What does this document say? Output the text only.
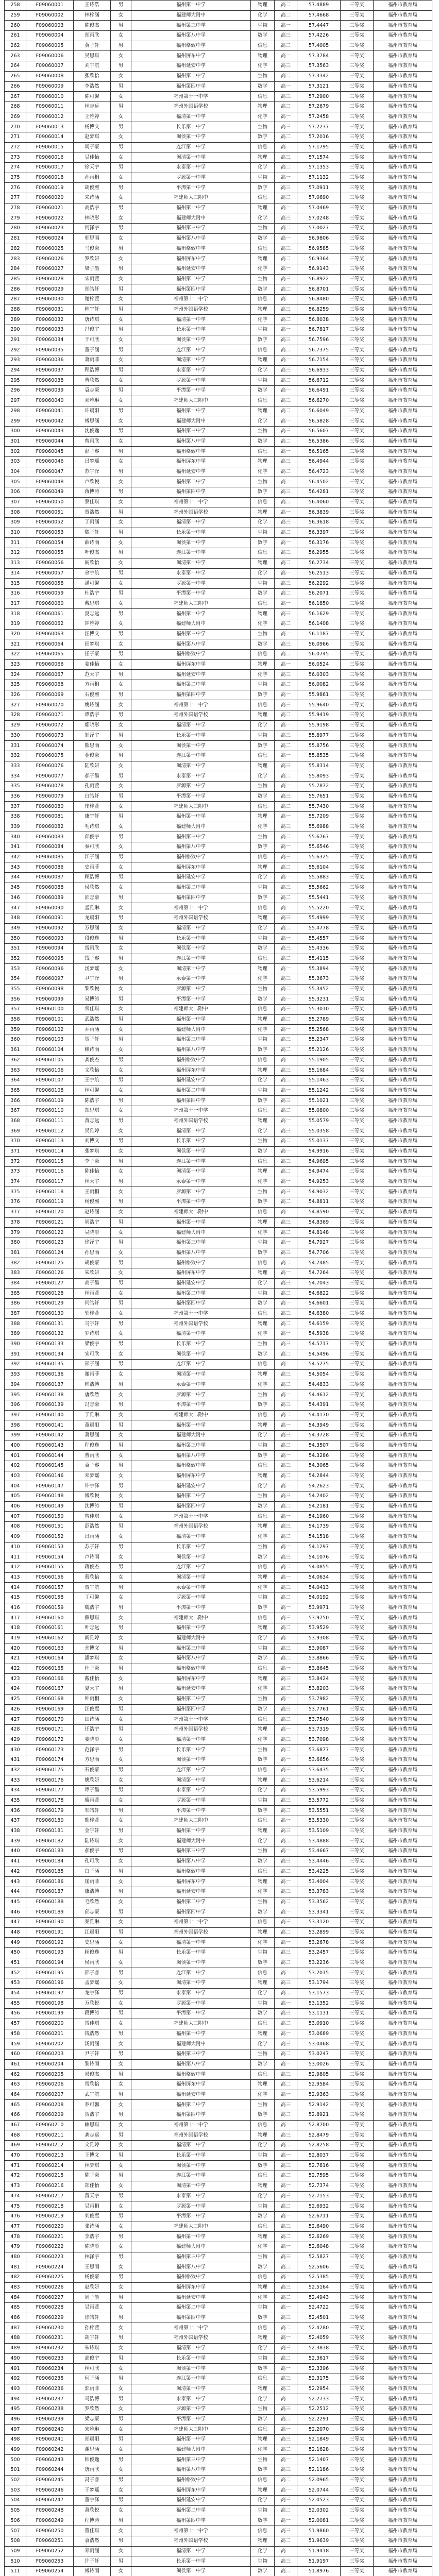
258	F09060001	王诗浩	男	福州第一中学	物理	高二	57.4889	三等奖	福州市教育局
259	F09060002	林梓涵	女	福建师大附中	化学	高二	57.4668	三等奖	福州市教育局
260	F09060003	陈俊杰	男	福州第三中学	生物	高一	57.4447	三等奖	福州市教育局
261	F09060004	郑雨欣	女	福州第八中学	数学	高三	57.4226	三等奖	福州市教育局
262	F09060005	黄子轩	男	福州格致中学	信息	高二	57.4005	三等奖	福州市教育局
263	F09060006	吴思琪	女	福州屏东中学	物理	高一	57.3784	三等奖	福州市教育局
264	F09060007	刘宇航	男	福州延安中学	化学	高三	57.3563	三等奖	福州市教育局
265	F09060008	张欣怡	女	福州第二中学	生物	高二	57.3342	三等奖	福州市教育局
266	F09060009	李浩然	男	福州第四中学	数学	高一	57.3121	三等奖	福州市教育局
267	F09060010	陈可馨	女	福州第十一中学	信息	高三	57.2900	三等奖	福州市教育局
268	F09060011	林志远	男	福州外国语学校	物理	高二	57.2679	三等奖	福州市教育局
269	F09060012	王雅婷	女	福清第一中学	化学	高一	57.2458	三等奖	福州市教育局
270	F09060013	杨博文	男	长乐第一中学	生物	高三	57.2237	三等奖	福州市教育局
271	F09060014	赵梦琪	女	闽侯第一中学	数学	高二	57.2016	三等奖	福州市教育局
272	F09060015	周子豪	男	连江第一中学	信息	高一	57.1795	三等奖	福州市教育局
273	F09060016	吴佳怡	女	闽清第一中学	物理	高三	57.1574	三等奖	福州市教育局
274	F09060017	徐天宇	男	永泰第一中学	化学	高二	57.1353	三等奖	福州市教育局
275	F09060018	孙雨桐	女	罗源第一中学	生物	高一	57.1132	三等奖	福州市教育局
276	F09060019	胡俊熙	男	平潭第一中学	数学	高三	57.0911	三等奖	福州市教育局
277	F09060020	朱诗涵	女	福建师大二附中	信息	高二	57.0690	三等奖	福州市教育局
278	F09060021	高浩宇	男	福州第一中学	物理	高一	57.0469	三等奖	福州市教育局
279	F09060022	林晓彤	女	福建师大附中	化学	高三	57.0248	三等奖	福州市教育局
280	F09060023	何泽宇	男	福州第三中学	生物	高二	57.0027	三等奖	福州市教育局
281	F09060024	郭思雨	女	福州第八中学	数学	高一	56.9806	三等奖	福州市教育局
282	F09060025	马俊豪	男	福州格致中学	信息	高三	56.9585	三等奖	福州市教育局
283	F09060026	罗欣妍	女	福州屏东中学	物理	高二	56.9364	三等奖	福州市教育局
284	F09060027	梁子墨	男	福州延安中学	化学	高一	56.9143	三等奖	福州市教育局
285	F09060028	宋雨萱	女	福州第二中学	生物	高三	56.8922	三等奖	福州市教育局
286	F09060029	郑皓轩	男	福州第四中学	数学	高二	56.8701	三等奖	福州市教育局
287	F09060030	谢梓萱	女	福州第十一中学	信息	高一	56.8480	三等奖	福州市教育局
288	F09060031	韩宇轩	男	福州外国语学校	物理	高三	56.8259	三等奖	福州市教育局
289	F09060032	唐诗琪	女	福清第一中学	化学	高二	56.8038	三等奖	福州市教育局
290	F09060033	冯俊宇	男	长乐第一中学	生物	高一	56.7817	三等奖	福州市教育局
291	F09060034	于可欣	女	闽侯第一中学	数学	高三	56.7596	三等奖	福州市教育局
292	F09060035	董子涵	男	连江第一中学	信息	高二	56.7375	三等奖	福州市教育局
293	F09060036	萧雨菲	女	闽清第一中学	物理	高一	56.7154	三等奖	福州市教育局
294	F09060037	程浩博	男	永泰第一中学	化学	高三	56.6933	三等奖	福州市教育局
295	F09060038	曹欣然	女	罗源第一中学	生物	高二	56.6712	三等奖	福州市教育局
296	F09060039	袁志豪	男	平潭第一中学	数学	高一	56.6491	三等奖	福州市教育局
297	F09060040	邓雅琳	女	福建师大二附中	信息	高三	56.6270	三等奖	福州市教育局
298	F09060041	许晨阳	男	福州第一中学	物理	高二	56.6049	三等奖	福州市教育局
299	F09060042	傅思涵	女	福建师大附中	化学	高一	56.5828	三等奖	福州市教育局
300	F09060043	沈俊逸	男	福州第三中学	生物	高三	56.5607	三等奖	福州市教育局
301	F09060044	曾雨欣	女	福州第八中学	数学	高二	56.5386	三等奖	福州市教育局
302	F09060045	彭子睿	男	福州格致中学	信息	高一	56.5165	三等奖	福州市教育局
303	F09060046	吕梦瑶	女	福州屏东中学	物理	高三	56.4944	三等奖	福州市教育局
304	F09060047	苏宇泽	男	福州延安中学	化学	高二	56.4723	三等奖	福州市教育局
305	F09060048	卢欣悦	女	福州第二中学	生物	高一	56.4502	三等奖	福州市教育局
306	F09060049	蒋博涛	男	福州第四中学	数学	高三	56.4281	三等奖	福州市教育局
307	F09060050	蔡佳琪	女	福州第十一中学	信息	高二	56.4060	三等奖	福州市教育局
308	F09060051	贾浩然	男	福州外国语学校	物理	高一	56.3839	三等奖	福州市教育局
309	F09060052	丁雨涵	女	福清第一中学	化学	高三	56.3618	三等奖	福州市教育局
310	F09060053	魏子轩	男	长乐第一中学	生物	高二	56.3397	三等奖	福州市教育局
311	F09060054	薛诗雨	女	闽侯第一中学	数学	高一	56.3176	三等奖	福州市教育局
312	F09060055	叶俊杰	男	连江第一中学	信息	高三	56.2955	三等奖	福州市教育局
313	F09060056	阎欣怡	女	闽清第一中学	物理	高二	56.2734	三等奖	福州市教育局
314	F09060057	余宇航	男	永泰第一中学	化学	高一	56.2513	三等奖	福州市教育局
315	F09060058	潘可馨	女	罗源第一中学	生物	高三	56.2292	三等奖	福州市教育局
316	F09060059	杜浩宇	男	平潭第一中学	数学	高二	56.2071	三等奖	福州市教育局
317	F09060060	戴思琪	女	福建师大二附中	信息	高一	56.1850	三等奖	福州市教育局
318	F09060061	夏志远	男	福州第一中学	物理	高三	56.1629	三等奖	福州市教育局
319	F09060062	钟雅婷	女	福建师大附中	化学	高二	56.1408	三等奖	福州市教育局
320	F09060063	汪博文	男	福州第三中学	生物	高一	56.1187	三等奖	福州市教育局
321	F09060064	田梦琪	女	福州第八中学	数学	高三	56.0966	三等奖	福州市教育局
322	F09060065	任子豪	男	福州格致中学	信息	高二	56.0745	三等奖	福州市教育局
323	F09060066	姜佳怡	女	福州屏东中学	物理	高一	56.0524	三等奖	福州市教育局
324	F09060067	范天宇	男	福州延安中学	化学	高三	56.0303	三等奖	福州市教育局
325	F09060068	方雨桐	女	福州第二中学	生物	高二	56.0082	三等奖	福州市教育局
326	F09060069	石俊熙	男	福州第四中学	数学	高一	55.9861	三等奖	福州市教育局
327	F09060070	姚诗涵	女	福州第十一中学	信息	高三	55.9640	三等奖	福州市教育局
328	F09060071	谭浩宇	男	福州外国语学校	物理	高二	55.9419	三等奖	福州市教育局
329	F09060072	廖晓彤	女	福清第一中学	化学	高一	55.9198	三等奖	福州市教育局
330	F09060073	邹泽宇	男	长乐第一中学	生物	高三	55.8977	三等奖	福州市教育局
331	F09060074	熊思雨	女	闽侯第一中学	数学	高二	55.8756	三等奖	福州市教育局
332	F09060075	金俊豪	男	连江第一中学	信息	高一	55.8535	三等奖	福州市教育局
333	F09060076	陆欣妍	女	闽清第一中学	物理	高三	55.8314	三等奖	福州市教育局
334	F09060077	郝子墨	男	永泰第一中学	化学	高二	55.8093	三等奖	福州市教育局
335	F09060078	孔雨萱	女	罗源第一中学	生物	高一	55.7872	三等奖	福州市教育局
336	F09060079	白皓轩	男	平潭第一中学	数学	高三	55.7651	三等奖	福州市教育局
337	F09060080	崔梓萱	女	福建师大二附中	信息	高二	55.7430	三等奖	福州市教育局
338	F09060081	康宇轩	男	福州第一中学	物理	高一	55.7209	三等奖	福州市教育局
339	F09060082	毛诗琪	女	福建师大附中	化学	高三	55.6988	三等奖	福州市教育局
340	F09060083	邱俊宇	男	福州第三中学	生物	高二	55.6767	三等奖	福州市教育局
341	F09060084	秦可欣	女	福州第八中学	数学	高一	55.6546	三等奖	福州市教育局
342	F09060085	江子涵	男	福州格致中学	信息	高三	55.6325	三等奖	福州市教育局
343	F09060086	史雨菲	女	福州屏东中学	物理	高二	55.6104	三等奖	福州市教育局
344	F09060087	顾浩博	男	福州延安中学	化学	高一	55.5883	三等奖	福州市教育局
345	F09060088	侯欣然	女	福州第二中学	生物	高三	55.5662	三等奖	福州市教育局
346	F09060089	邵志豪	男	福州第四中学	数学	高二	55.5441	三等奖	福州市教育局
347	F09060090	孟雅琳	女	福州第十一中学	信息	高一	55.5220	三等奖	福州市教育局
348	F09060091	龙晨阳	男	福州外国语学校	物理	高三	55.4999	三等奖	福州市教育局
349	F09060092	万思涵	女	福清第一中学	化学	高二	55.4778	三等奖	福州市教育局
350	F09060093	段俊逸	男	长乐第一中学	生物	高一	55.4557	三等奖	福州市教育局
351	F09060094	雷雨欣	女	闽侯第一中学	数学	高三	55.4336	三等奖	福州市教育局
352	F09060095	钱子睿	男	连江第一中学	信息	高二	55.4115	三等奖	福州市教育局
353	F09060096	汤梦瑶	女	闽清第一中学	物理	高一	55.3894	三等奖	福州市教育局
354	F09060097	尹宇泽	男	永泰第一中学	化学	高三	55.3673	三等奖	福州市教育局
355	F09060098	黎欣悦	女	罗源第一中学	生物	高二	55.3452	三等奖	福州市教育局
356	F09060099	易博涛	男	平潭第一中学	数学	高一	55.3231	三等奖	福州市教育局
357	F09060100	常佳琪	女	福建师大二附中	信息	高三	55.3010	三等奖	福州市教育局
358	F09060101	武浩然	男	福州第一中学	物理	高二	55.2789	三等奖	福州市教育局
359	F09060102	乔雨涵	女	福建师大附中	化学	高一	55.2568	三等奖	福州市教育局
360	F09060103	贺子轩	男	福州第三中学	生物	高三	55.2347	三等奖	福州市教育局
361	F09060104	赖诗雨	女	福州第八中学	数学	高二	55.2126	三等奖	福州市教育局
362	F09060105	龚俊杰	男	福州格致中学	信息	高一	55.1905	三等奖	福州市教育局
363	F09060106	文欣怡	女	福州屏东中学	物理	高三	55.1684	三等奖	福州市教育局
364	F09060107	王宇航	男	福州延安中学	化学	高二	55.1463	三等奖	福州市教育局
365	F09060108	林可馨	女	福州第二中学	生物	高一	55.1242	三等奖	福州市教育局
366	F09060109	陈浩宇	男	福州第四中学	数学	高三	55.1021	三等奖	福州市教育局
367	F09060110	郑思琪	女	福州第十一中学	信息	高二	55.0800	三等奖	福州市教育局
368	F09060111	黄志远	男	福州外国语学校	物理	高一	55.0579	三等奖	福州市教育局
369	F09060112	吴雅婷	女	福清第一中学	化学	高三	55.0358	三等奖	福州市教育局
370	F09060113	刘博文	男	长乐第一中学	生物	高二	55.0137	三等奖	福州市教育局
371	F09060114	张梦琪	女	闽侯第一中学	数学	高一	54.9916	三等奖	福州市教育局
372	F09060115	李子豪	男	连江第一中学	信息	高三	54.9695	三等奖	福州市教育局
373	F09060116	陈佳怡	女	闽清第一中学	物理	高二	54.9474	三等奖	福州市教育局
374	F09060117	林天宇	男	永泰第一中学	化学	高一	54.9253	三等奖	福州市教育局
375	F09060118	王雨桐	女	罗源第一中学	生物	高三	54.9032	三等奖	福州市教育局
376	F09060119	杨俊熙	男	平潭第一中学	数学	高二	54.8811	三等奖	福州市教育局
377	F09060120	赵诗涵	女	福建师大二附中	信息	高一	54.8590	三等奖	福州市教育局
378	F09060121	周浩宇	男	福州第一中学	物理	高三	54.8369	三等奖	福州市教育局
379	F09060122	吴晓彤	女	福建师大附中	化学	高二	54.8148	三等奖	福州市教育局
380	F09060123	徐泽宇	男	福州第三中学	生物	高一	54.7927	三等奖	福州市教育局
381	F09060124	孙思雨	女	福州第八中学	数学	高三	54.7706	三等奖	福州市教育局
382	F09060125	胡俊豪	男	福州格致中学	信息	高二	54.7485	三等奖	福州市教育局
383	F09060126	朱欣妍	女	福州屏东中学	物理	高一	54.7264	三等奖	福州市教育局
384	F09060127	高子墨	男	福州延安中学	化学	高三	54.7043	三等奖	福州市教育局
385	F09060128	林雨萱	女	福州第二中学	生物	高二	54.6822	三等奖	福州市教育局
386	F09060129	何皓轩	男	福州第四中学	数学	高一	54.6601	三等奖	福州市教育局
387	F09060130	郭梓萱	女	福州第十一中学	信息	高三	54.6380	三等奖	福州市教育局
388	F09060131	马宇轩	男	福州外国语学校	物理	高二	54.6159	三等奖	福州市教育局
389	F09060132	罗诗琪	女	福清第一中学	化学	高一	54.5938	三等奖	福州市教育局
390	F09060133	梁俊宇	男	长乐第一中学	生物	高三	54.5717	三等奖	福州市教育局
391	F09060134	宋可欣	女	闽侯第一中学	数学	高二	54.5496	三等奖	福州市教育局
392	F09060135	郑子涵	男	连江第一中学	信息	高一	54.5275	三等奖	福州市教育局
393	F09060136	谢雨菲	女	闽清第一中学	物理	高三	54.5054	三等奖	福州市教育局
394	F09060137	韩浩博	男	永泰第一中学	化学	高二	54.4833	三等奖	福州市教育局
395	F09060138	唐欣然	女	罗源第一中学	生物	高一	54.4612	三等奖	福州市教育局
396	F09060139	冯志豪	男	平潭第一中学	数学	高三	54.4391	三等奖	福州市教育局
397	F09060140	于雅琳	女	福建师大二附中	信息	高二	54.4170	三等奖	福州市教育局
398	F09060141	董晨阳	男	福州第一中学	物理	高一	54.3949	三等奖	福州市教育局
399	F09060142	萧思涵	女	福建师大附中	化学	高三	54.3728	三等奖	福州市教育局
400	F09060143	程俊逸	男	福州第三中学	生物	高二	54.3507	三等奖	福州市教育局
401	F09060144	曹雨欣	女	福州第八中学	数学	高一	54.3286	三等奖	福州市教育局
402	F09060145	袁子睿	男	福州格致中学	信息	高三	54.3065	三等奖	福州市教育局
403	F09060146	邓梦瑶	女	福州屏东中学	物理	高二	54.2844	三等奖	福州市教育局
404	F09060147	许宇泽	男	福州延安中学	化学	高一	54.2623	三等奖	福州市教育局
405	F09060148	傅欣悦	女	福州第二中学	生物	高三	54.2402	三等奖	福州市教育局
406	F09060149	沈博涛	男	福州第四中学	数学	高二	54.2181	三等奖	福州市教育局
407	F09060150	曾佳琪	女	福州第十一中学	信息	高一	54.1960	三等奖	福州市教育局
408	F09060151	彭浩然	男	福州外国语学校	物理	高三	54.1739	三等奖	福州市教育局
409	F09060152	吕雨涵	女	福清第一中学	化学	高二	54.1518	三等奖	福州市教育局
410	F09060153	苏子轩	男	长乐第一中学	生物	高一	54.1297	三等奖	福州市教育局
411	F09060154	卢诗雨	女	闽侯第一中学	数学	高三	54.1076	三等奖	福州市教育局
412	F09060155	蒋俊杰	男	连江第一中学	信息	高二	54.0855	三等奖	福州市教育局
413	F09060156	蔡欣怡	女	闽清第一中学	物理	高一	54.0634	三等奖	福州市教育局
414	F09060157	贾宇航	男	永泰第一中学	化学	高三	54.0413	三等奖	福州市教育局
415	F09060158	丁可馨	女	罗源第一中学	生物	高二	54.0192	三等奖	福州市教育局
416	F09060159	魏浩宇	男	平潭第一中学	数学	高一	53.9971	三等奖	福州市教育局
417	F09060160	薛思琪	女	福建师大二附中	信息	高三	53.9750	三等奖	福州市教育局
418	F09060161	叶志远	男	福州第一中学	物理	高二	53.9529	三等奖	福州市教育局
419	F09060162	阎雅婷	女	福建师大附中	化学	高一	53.9308	三等奖	福州市教育局
420	F09060163	余博文	男	福州第三中学	生物	高三	53.9087	三等奖	福州市教育局
421	F09060164	潘梦琪	女	福州第八中学	数学	高二	53.8866	三等奖	福州市教育局
422	F09060165	杜子豪	男	福州格致中学	信息	高一	53.8645	三等奖	福州市教育局
423	F09060166	戴佳怡	女	福州屏东中学	物理	高三	53.8424	三等奖	福州市教育局
424	F09060167	夏天宇	男	福州延安中学	化学	高二	53.8203	三等奖	福州市教育局
425	F09060168	钟雨桐	女	福州第二中学	生物	高一	53.7982	三等奖	福州市教育局
426	F09060169	汪俊熙	男	福州第四中学	数学	高三	53.7761	三等奖	福州市教育局
427	F09060170	田诗涵	女	福州第十一中学	信息	高二	53.7540	三等奖	福州市教育局
428	F09060171	任浩宇	男	福州外国语学校	物理	高一	53.7319	三等奖	福州市教育局
429	F09060172	姜晓彤	女	福清第一中学	化学	高三	53.7098	三等奖	福州市教育局
430	F09060173	范泽宇	男	长乐第一中学	生物	高二	53.6877	三等奖	福州市教育局
431	F09060174	方思雨	女	闽侯第一中学	数学	高一	53.6656	三等奖	福州市教育局
432	F09060175	石俊豪	男	连江第一中学	信息	高三	53.6435	三等奖	福州市教育局
433	F09060176	姚欣妍	女	闽清第一中学	物理	高二	53.6214	三等奖	福州市教育局
434	F09060177	谭子墨	男	永泰第一中学	化学	高一	53.5993	三等奖	福州市教育局
435	F09060178	廖雨萱	女	罗源第一中学	生物	高三	53.5772	三等奖	福州市教育局
436	F09060179	邹皓轩	男	平潭第一中学	数学	高二	53.5551	三等奖	福州市教育局
437	F09060180	熊梓萱	女	福建师大二附中	信息	高一	53.5330	三等奖	福州市教育局
438	F09060181	金宇轩	男	福州第一中学	物理	高三	53.5109	三等奖	福州市教育局
439	F09060182	陆诗琪	女	福建师大附中	化学	高二	53.4888	三等奖	福州市教育局
440	F09060183	郝俊宇	男	福州第三中学	生物	高一	53.4667	三等奖	福州市教育局
441	F09060184	孔可欣	女	福州第八中学	数学	高三	53.4446	三等奖	福州市教育局
442	F09060185	白子涵	男	福州格致中学	信息	高二	53.4225	三等奖	福州市教育局
443	F09060186	崔雨菲	女	福州屏东中学	物理	高一	53.4004	三等奖	福州市教育局
444	F09060187	康浩博	男	福州延安中学	化学	高三	53.3783	三等奖	福州市教育局
445	F09060188	毛欣然	女	福州第二中学	生物	高二	53.3562	三等奖	福州市教育局
446	F09060189	邱志豪	男	福州第四中学	数学	高一	53.3341	三等奖	福州市教育局
447	F09060190	秦雅琳	女	福州第十一中学	信息	高三	53.3120	三等奖	福州市教育局
448	F09060191	江晨阳	男	福州外国语学校	物理	高二	53.2899	三等奖	福州市教育局
449	F09060192	史思涵	女	福清第一中学	化学	高一	53.2678	三等奖	福州市教育局
450	F09060193	顾俊逸	男	长乐第一中学	生物	高三	53.2457	三等奖	福州市教育局
451	F09060194	侯雨欣	女	闽侯第一中学	数学	高二	53.2236	三等奖	福州市教育局
452	F09060195	邵子睿	男	连江第一中学	信息	高一	53.2015	三等奖	福州市教育局
453	F09060196	孟梦瑶	女	闽清第一中学	物理	高三	53.1794	三等奖	福州市教育局
454	F09060197	龙宇泽	男	永泰第一中学	化学	高二	53.1573	三等奖	福州市教育局
455	F09060198	万欣悦	女	罗源第一中学	生物	高一	53.1352	三等奖	福州市教育局
456	F09060199	段博涛	男	平潭第一中学	数学	高三	53.1131	三等奖	福州市教育局
457	F09060200	雷佳琪	女	福建师大二附中	信息	高二	53.0910	三等奖	福州市教育局
458	F09060201	钱浩然	男	福州第一中学	物理	高一	53.0689	三等奖	福州市教育局
459	F09060202	汤雨涵	女	福建师大附中	化学	高三	53.0468	三等奖	福州市教育局
460	F09060203	尹子轩	男	福州第三中学	生物	高二	53.0247	三等奖	福州市教育局
461	F09060204	黎诗雨	女	福州第八中学	数学	高一	53.0026	三等奖	福州市教育局
462	F09060205	易俊杰	男	福州格致中学	信息	高三	52.9805	三等奖	福州市教育局
463	F09060206	常欣怡	女	福州屏东中学	物理	高二	52.9584	三等奖	福州市教育局
464	F09060207	武宇航	男	福州延安中学	化学	高一	52.9363	三等奖	福州市教育局
465	F09060208	乔可馨	女	福州第二中学	生物	高三	52.9142	三等奖	福州市教育局
466	F09060209	贺浩宇	男	福州第四中学	数学	高二	52.8921	三等奖	福州市教育局
467	F09060210	赖思琪	女	福州第十一中学	信息	高一	52.8700	三等奖	福州市教育局
468	F09060211	龚志远	男	福州外国语学校	物理	高三	52.8479	三等奖	福州市教育局
469	F09060212	文雅婷	女	福清第一中学	化学	高二	52.8258	三等奖	福州市教育局
470	F09060213	王博文	男	长乐第一中学	生物	高一	52.8037	三等奖	福州市教育局
471	F09060214	林梦琪	女	闽侯第一中学	数学	高三	52.7816	三等奖	福州市教育局
472	F09060215	陈子豪	男	连江第一中学	信息	高二	52.7595	三等奖	福州市教育局
473	F09060216	郑佳怡	女	闽清第一中学	物理	高一	52.7374	三等奖	福州市教育局
474	F09060217	黄天宇	男	永泰第一中学	化学	高三	52.7153	三等奖	福州市教育局
475	F09060218	吴雨桐	女	罗源第一中学	生物	高二	52.6932	三等奖	福州市教育局
476	F09060219	刘俊熙	男	平潭第一中学	数学	高一	52.6711	三等奖	福州市教育局
477	F09060220	张诗涵	女	福建师大二附中	信息	高三	52.6490	三等奖	福州市教育局
478	F09060221	李浩宇	男	福州第一中学	物理	高二	52.6269	三等奖	福州市教育局
479	F09060222	陈晓彤	女	福建师大附中	化学	高一	52.6048	三等奖	福州市教育局
480	F09060223	林泽宇	男	福州第三中学	生物	高三	52.5827	三等奖	福州市教育局
481	F09060224	王思雨	女	福州第八中学	数学	高二	52.5606	三等奖	福州市教育局
482	F09060225	杨俊豪	男	福州格致中学	信息	高一	52.5385	三等奖	福州市教育局
483	F09060226	赵欣妍	女	福州屏东中学	物理	高三	52.5164	三等奖	福州市教育局
484	F09060227	周子墨	男	福州延安中学	化学	高二	52.4943	三等奖	福州市教育局
485	F09060228	吴雨萱	女	福州第二中学	生物	高一	52.4722	三等奖	福州市教育局
486	F09060229	徐皓轩	男	福州第四中学	数学	高三	52.4501	三等奖	福州市教育局
487	F09060230	孙梓萱	女	福州第十一中学	信息	高二	52.4280	三等奖	福州市教育局
488	F09060231	胡宇轩	男	福州外国语学校	物理	高一	52.4059	三等奖	福州市教育局
489	F09060232	朱诗琪	女	福清第一中学	化学	高三	52.3838	三等奖	福州市教育局
490	F09060233	高俊宇	男	长乐第一中学	生物	高二	52.3617	三等奖	福州市教育局
491	F09060234	林可欣	女	闽侯第一中学	数学	高一	52.3396	三等奖	福州市教育局
492	F09060235	何子涵	男	连江第一中学	信息	高三	52.3175	三等奖	福州市教育局
493	F09060236	郭雨菲	女	闽清第一中学	物理	高二	52.2954	三等奖	福州市教育局
494	F09060237	马浩博	男	永泰第一中学	化学	高一	52.2733	三等奖	福州市教育局
495	F09060238	罗欣然	女	罗源第一中学	生物	高三	52.2512	三等奖	福州市教育局
496	F09060239	梁志豪	男	平潭第一中学	数学	高二	52.2291	三等奖	福州市教育局
497	F09060240	宋雅琳	女	福建师大二附中	信息	高一	52.2070	三等奖	福州市教育局
498	F09060241	郑晨阳	男	福州第一中学	物理	高三	52.1849	三等奖	福州市教育局
499	F09060242	谢思涵	女	福建师大附中	化学	高二	52.1628	三等奖	福州市教育局
500	F09060243	韩俊逸	男	福州第三中学	生物	高一	52.1407	三等奖	福州市教育局
501	F09060244	唐雨欣	女	福州第八中学	数学	高三	52.1186	三等奖	福州市教育局
502	F09060245	冯子睿	男	福州格致中学	信息	高二	52.0965	三等奖	福州市教育局
503	F09060246	于梦瑶	女	福州屏东中学	物理	高一	52.0744	三等奖	福州市教育局
504	F09060247	董宇泽	男	福州延安中学	化学	高三	52.0523	三等奖	福州市教育局
505	F09060248	萧欣悦	女	福州第二中学	生物	高二	52.0302	三等奖	福州市教育局
506	F09060249	程博涛	男	福州第四中学	数学	高一	52.0081	三等奖	福州市教育局
507	F09060250	曹佳琪	女	福州第十一中学	信息	高三	51.9860	三等奖	福州市教育局
508	F09060251	袁浩然	男	福州外国语学校	物理	高二	51.9639	三等奖	福州市教育局
509	F09060252	邓雨涵	女	福清第一中学	化学	高一	51.9418	三等奖	福州市教育局
510	F09060253	许子轩	男	长乐第一中学	生物	高三	51.9197	三等奖	福州市教育局
511	F09060254	傅诗雨	女	闽侯第一中学	数学	高二	51.8976	三等奖	福州市教育局
